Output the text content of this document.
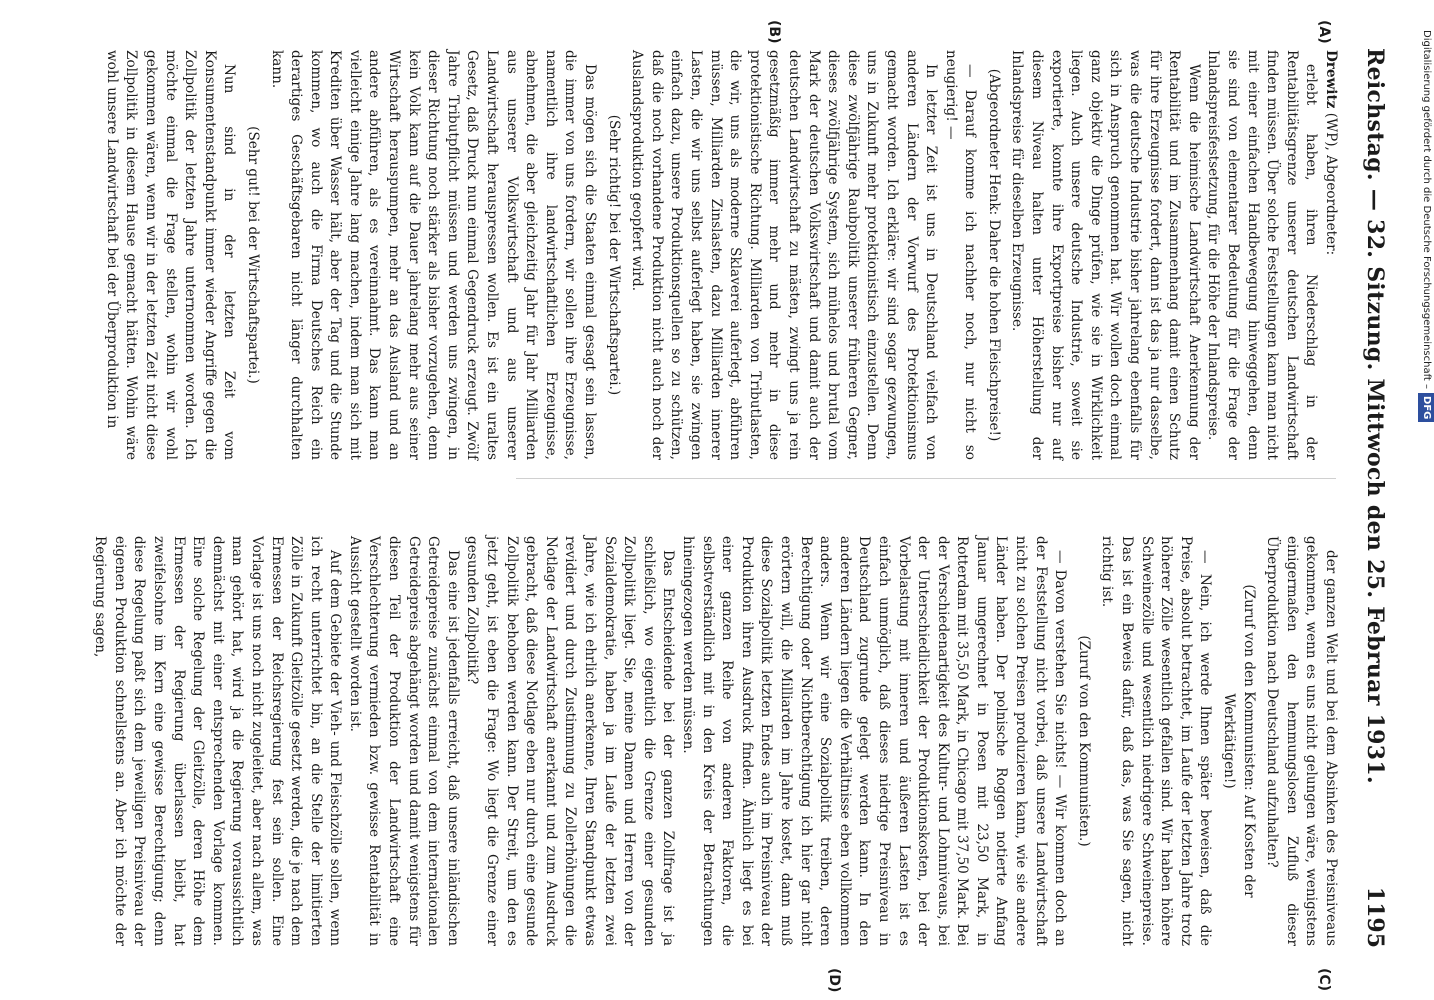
Reichstag. — 32. Sitzung. Mittwoch den 25. Februar 1931.
1195
(A)
(B)
(C)
(D)

Drewitz (WP), Abgeordneter:

erlebt haben, ihren Niederschlag in der Rentabilitätsgrenze unserer deutschen Landwirtschaft finden müssen. Über solche Feststellungen kann man nicht mit einer einfachen Handbewegung hinweggehen, denn sie sind von elementarer Bedeutung für die Frage der Inlandspreisfestsetzung, für die Höhe der Inlandspreise.

Wenn die heimische Landwirtschaft Anerkennung der Rentabilität und im Zusammenhang damit einen Schutz für ihre Erzeugnisse fordert, dann ist das ja nur dasselbe, was die deutsche Industrie bisher jahrelang ebenfalls für sich in Anspruch genommen hat. Wir wollen doch einmal ganz objektiv die Dinge prüfen, wie sie in Wirklichkeit liegen. Auch unsere deutsche Industrie, soweit sie exportierte, konnte ihre Exportpreise bisher nur auf diesem Niveau halten unter Höherstellung der Inlandspreise für dieselben Erzeugnisse.

(Abgeordneter Henk: Daher die hohen Fleischpreise!)

— Darauf komme ich nachher noch, nur nicht so neugierig! —

In letzter Zeit ist uns in Deutschland vielfach von anderen Ländern der Vorwurf des Protektionismus gemacht worden. Ich erkläre: wir sind sogar gezwungen, uns in Zukunft mehr protektionistisch einzustellen. Denn diese zwölfjährige Raubpolitik unserer früheren Gegner, dieses zwölfjährige System, sich mühelos und brutal vom Mark der deutschen Volkswirtschaft und damit auch der deutschen Landwirtschaft zu mästen, zwingt uns ja rein gesetzmäßig immer mehr und mehr in diese protektionistische Richtung. Milliarden von Tributlasten, die wir, uns als moderne Sklaverei auferlegt, abführen müssen, Milliarden Zinslasten, dazu Milliarden innerer Lasten, die wir uns selbst auferlegt haben, sie zwingen einfach dazu, unsere Produktionsquellen so zu schützen, daß die noch vorhandene Produktion nicht auch noch der Auslandsproduktion geopfert wird.

(Sehr richtig! bei der Wirtschaftspartei.)

Das mögen sich die Staaten einmal gesagt sein lassen, die immer von uns fordern, wir sollen ihre Erzeugnisse, namentlich ihre landwirtschaftlichen Erzeugnisse, abnehmen, die aber gleichzeitig Jahr für Jahr Milliarden aus unserer Volkswirtschaft und aus unserer Landwirtschaft herauspressen wollen. Es ist ein uraltes Gesetz, daß Druck nun einmal Gegendruck erzeugt. Zwölf Jahre Tributpflicht müssen und werden uns zwingen, in dieser Richtung noch stärker als bisher vorzugehen, denn kein Volk kann auf die Dauer jahrelang mehr aus seiner Wirtschaft herauspumpen, mehr an das Ausland und an andere abführen, als es vereinnahmt. Das kann man vielleicht einige Jahre lang machen, indem man sich mit Krediten über Wasser hält, aber der Tag und die Stunde kommen, wo auch die Firma Deutsches Reich ein derartiges Geschäftsgebaren nicht länger durchhalten kann.

(Sehr gut! bei der Wirtschaftspartei.)

Nun sind in der letzten Zeit vom Konsumentenstandpunkt immer wieder Angriffe gegen die Zollpolitik der letzten Jahre unternommen worden. Ich möchte einmal die Frage stellen, wohin wir wohl gekommen wären, wenn wir in der letzten Zeit nicht diese Zollpolitik in diesem Hause gemacht hätten. Wohin wäre wohl unsere Landwirtschaft bei der Überproduktion in

der ganzen Welt und bei dem Absinken des Preisniveaus gekommen, wenn es uns nicht gelungen wäre, wenigstens einigermaßen den hemmungslosen Zufluß dieser Überproduktion nach Deutschland aufzuhalten?

(Zuruf von den Kommunisten: Auf Kosten der Werktätigen!)

— Nein, ich werde Ihnen später beweisen, daß die Preise, absolut betrachtet, im Laufe der letzten Jahre trotz höherer Zölle wesentlich gefallen sind. Wir haben höhere Schweinezölle und wesentlich niedrigere Schweinepreise. Das ist ein Beweis dafür, daß das, was Sie sagen, nicht richtig ist.

(Zuruf von den Kommunisten.)

— Davon verstehen Sie nichts! — Wir kommen doch an der Feststellung nicht vorbei, daß unsere Landwirtschaft nicht zu solchen Preisen produzieren kann, wie sie andere Länder haben. Der polnische Roggen notierte Anfang Januar umgerechnet in Posen mit 23,50 Mark, in Rotterdam mit 35,50 Mark, in Chicago mit 37,50 Mark. Bei der Verschiedenartigkeit des Kultur- und Lohnniveaus, bei der Unterschiedlichkeit der Produktionskosten, bei der Vorbelastung mit inneren und äußeren Lasten ist es einfach unmöglich, daß dieses niedrige Preisniveau in Deutschland zugrunde gelegt werden kann. In den anderen Ländern liegen die Verhältnisse eben vollkommen anders. Wenn wir eine Sozialpolitik treiben, deren Berechtigung oder Nichtberechtigung ich hier gar nicht erörtern will, die Milliarden im Jahre kostet, dann muß diese Sozialpolitik letzten Endes auch im Preisniveau der Produktion ihren Ausdruck finden. Ähnlich liegt es bei einer ganzen Reihe von anderen Faktoren, die selbstverständlich mit in den Kreis der Betrachtungen hineingezogen werden müssen.

Das Entscheidende bei der ganzen Zollfrage ist ja schließlich, wo eigentlich die Grenze einer gesunden Zollpolitik liegt. Sie, meine Damen und Herren von der Sozialdemokratie, haben ja im Laufe der letzten zwei Jahre, wie ich ehrlich anerkenne, Ihren Standpunkt etwas revidiert und durch Zustimmung zu Zollerhöhungen die Notlage der Landwirtschaft anerkannt und zum Ausdruck gebracht, daß diese Notlage eben nur durch eine gesunde Zollpolitik behoben werden kann. Der Streit, um den es jetzt geht, ist eben die Frage: Wo liegt die Grenze einer gesunden Zollpolitik?

Das eine ist jedenfalls erreicht, daß unsere inländischen Getreidepreise zunächst einmal von dem internationalen Getreidepreis abgehängt worden und damit wenigstens für diesen Teil der Produktion der Landwirtschaft eine Verschlechterung vermieden bzw. gewisse Rentabilität in Aussicht gestellt worden ist.

Auf dem Gebiete der Vieh- und Fleischzölle sollen, wenn ich recht unterrichtet bin, an die Stelle der limitierten Zölle in Zukunft Gleitzölle gesetzt werden, die je nach dem Ermessen der Reichsregierung fest sein sollen. Eine Vorlage ist uns noch nicht zugeleitet, aber nach allem, was man gehört hat, wird ja die Regierung voraussichtlich demnächst mit einer entsprechenden Vorlage kommen. Eine solche Regelung der Gleitzölle, deren Höhe dem Ermessen der Regierung überlassen bleibt, hat zweifelsohne im Kern eine gewisse Berechtigung; denn diese Regelung paßt sich dem jeweiligen Preisniveau der eigenen Produktion schnellstens an. Aber ich möchte der Regierung sagen,

Digitalisierung gefördert durch die Deutsche Forschungsgemeinschaft –DFG
